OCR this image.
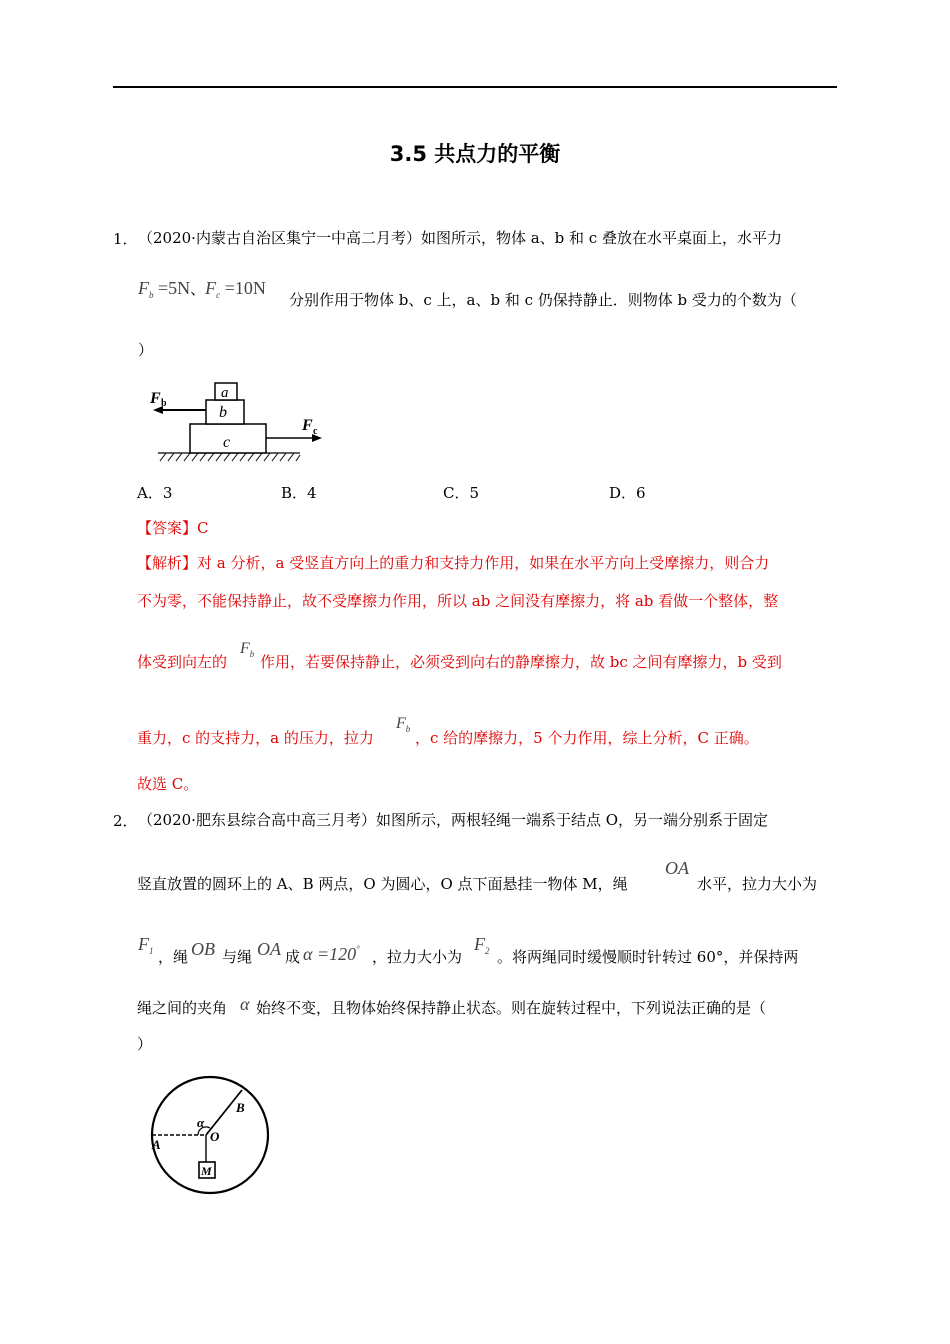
3.5 共点力的平衡
1． （2020·内蒙古自治区集宁一中高二月考）如图所示，物体 a、b 和 c 叠放在水平桌面上，水平力
$F_b =5N$、$F_c =10N$
分别作用于物体 b、c 上，a、b 和 c 仍保持静止．则物体 b 受力的个数为（
）
a
b
c
F b
F c
A．3	B．4	C．5	D．6
【答案】C
【解析】对 a 分析，a 受竖直方向上的重力和支持力作用，如果在水平方向上受摩擦力，则合力
不为零，不能保持静止，故不受摩擦力作用，所以 ab 之间没有摩擦力，将 ab 看做一个整体，整
体受到向左的
$F_b$ 作用，若要保持静止，必须受到向右的静摩擦力，故 bc 之间有摩擦力，b 受到
重力，c 的支持力，a 的压力，拉力
$F_b$ ，c 给的摩擦力，5 个力作用，综上分析，C 正确。
故选 C。
2． （2020·肥东县综合高中高三月考）如图所示，两根轻绳一端系于结点 O，另一端分别系于固定
竖直放置的圆环上的 A、B 两点，O 为圆心，O 点下面悬挂一物体 M，绳
OA
水平，拉力大小为
$F_1$ ，绳 OB 与绳 OA 成 α =120° ，拉力大小为
$F_2$ 。将两绳同时缓慢顺时针转过 60°，并保持两
绳之间的夹角 α 始终不变，且物体始终保持静止状态。则在旋转过程中，下列说法正确的是（
）
M
A
B
O
α
